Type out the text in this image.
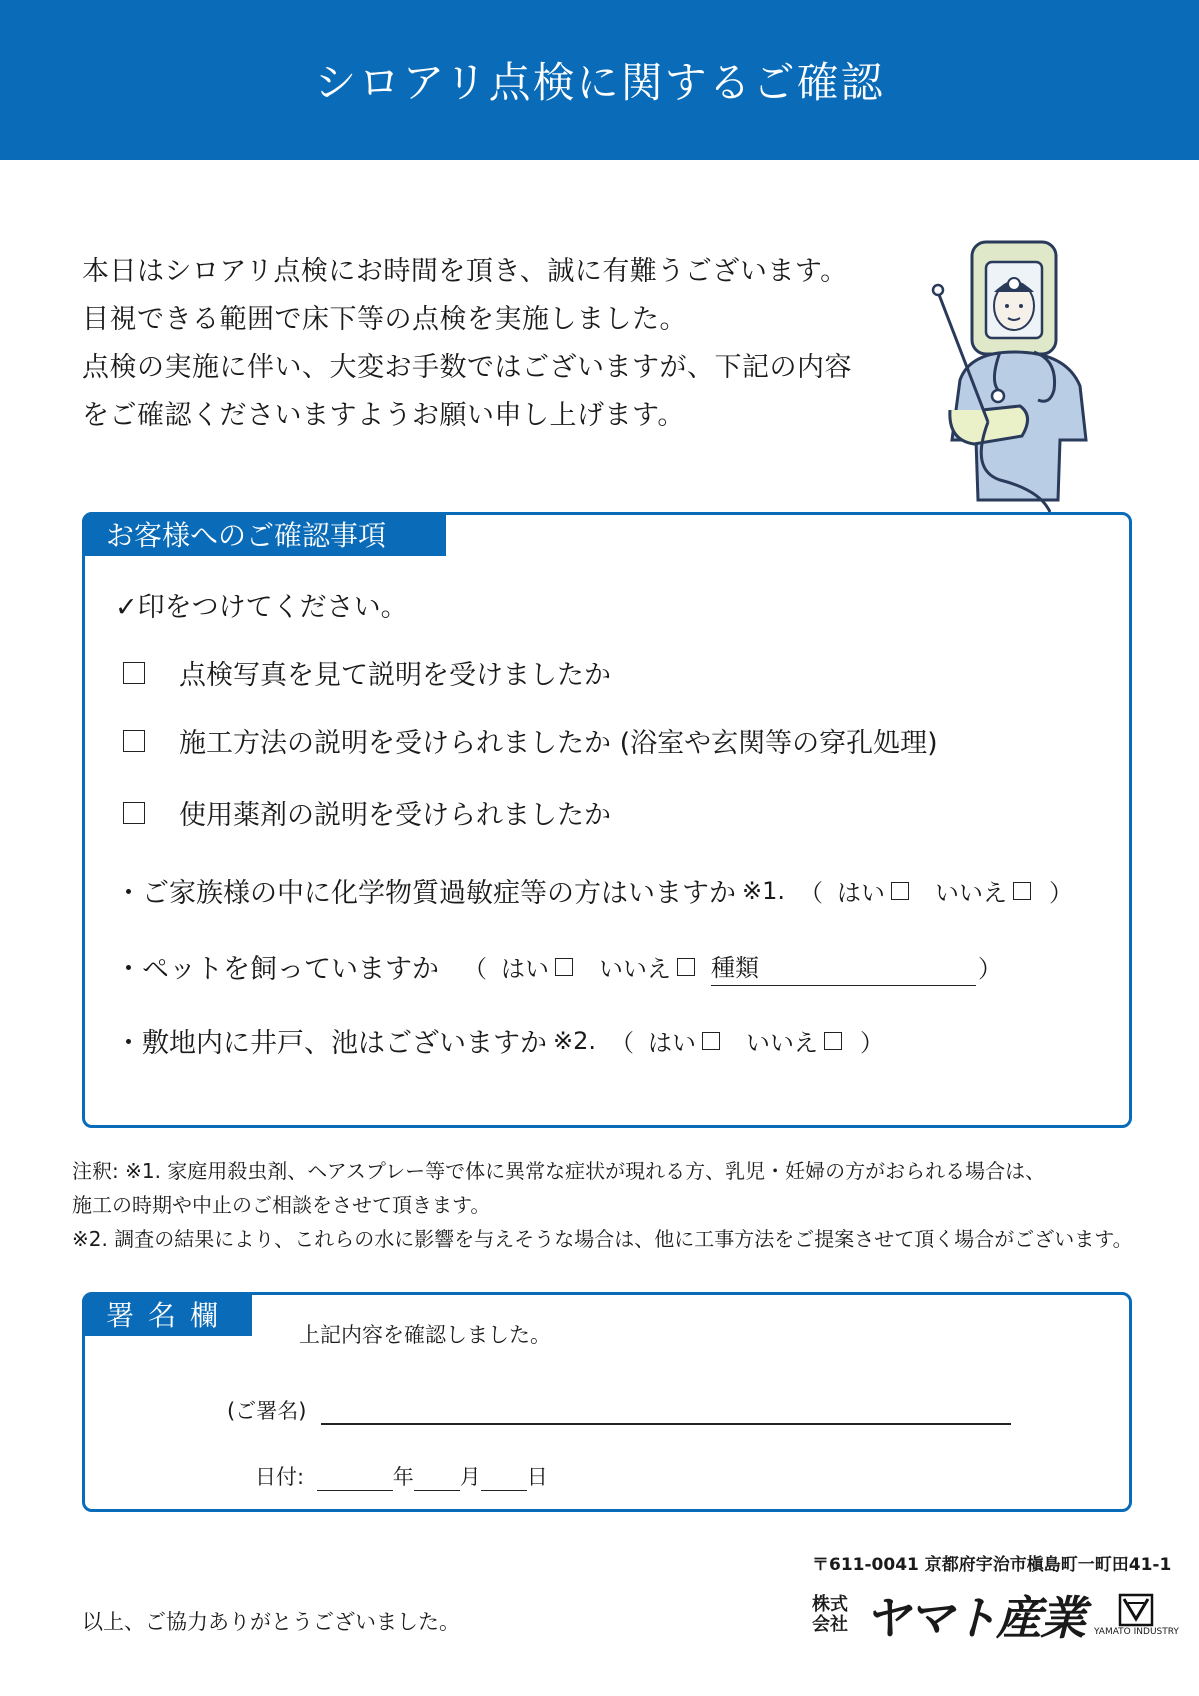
シロアリ点検に関するご確認

本日はシロアリ点検にお時間を頂き、誠に有難うございます。

目視できる範囲で床下等の点検を実施しました。

点検の実施に伴い、大変お手数ではございますが、下記の内容

をご確認くださいますようお願い申し上げます。

お客様へのご確認事項
✓印をつけてください。
点検写真を見て説明を受けましたか
施工方法の説明を受けられましたか (浴室や玄関等の穿孔処理)
使用薬剤の説明を受けられましたか
・ご家族様の中に化学物質過敏症等の方はいますか ※1. （ はい いいえ ）
・ペットを飼っていますか （ はい いいえ 種類	）
・敷地内に井戸、池はございますか ※2. （ はい いいえ ）
注釈: ※1. 家庭用殺虫剤、ヘアスプレー等で体に異常な症状が現れる方、乳児・妊婦の方がおられる場合は、
施工の時期や中止のご相談をさせて頂きます。
※2. 調査の結果により、これらの水に影響を与えそうな場合は、他に工事方法をご提案させて頂く場合がございます。
署名欄
上記内容を確認しました。
(ご署名)
日付:	年 月 日
〒611-0041 京都府宇治市槇島町一町田41-1
株式会社 ヤマト産業 YAMATO INDUSTRY
以上、ご協力ありがとうございました。
